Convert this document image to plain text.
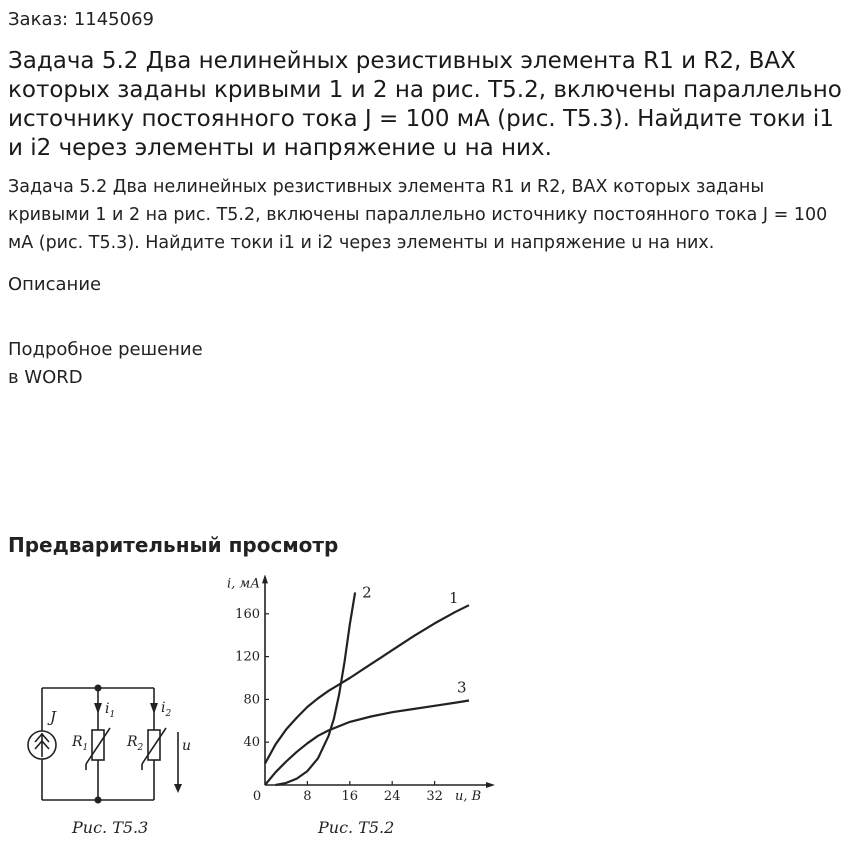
Заказ: 1145069
Задача 5.2 Два нелинейных резистивных элемента R1 и R2, ВАХ которых заданы кривыми 1 и 2 на рис. Т5.2, включены параллельно источнику постоянного тока J = 100 мА (рис. Т5.3). Найдите токи i1 и i2 через элементы и напряжение u на них.
Задача 5.2 Два нелинейных резистивных элемента R1 и R2, ВАХ которых заданы кривыми 1 и 2 на рис. Т5.2, включены параллельно источнику постоянного тока J = 100 мА (рис. Т5.3). Найдите токи i1 и i2 через элементы и напряжение u на них.
Описание
Подробное решение
в WORD
Предварительный просмотр
J	$i_1$	$i_2$
$R_1$	$R_2$	u
Рис. Т5.3
0	8 16 24 32
40
80
120
160
i, мА
u, В
1
2
3
Рис. Т5.2
